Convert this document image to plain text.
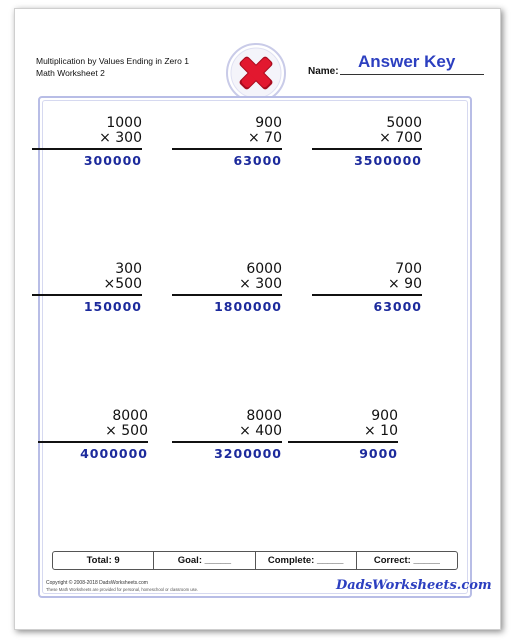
Multiplication by Values Ending in Zero 1
Math Worksheet 2	Name:
Answer Key
1000
× 300
300000
900
× 70
63000
5000
× 700
3500000
300
×500
150000
6000
× 300
1800000
700
× 90
63000
8000
× 500
4000000
8000
× 400
3200000
900
× 10
9000
Total: 9	Goal: _____	Complete: _____	Correct: _____
Copyright © 2008-2018 DadsWorksheets.com
These Math Worksheets are provided for personal, homeschool or classroom use.	DadsWorksheets.com
